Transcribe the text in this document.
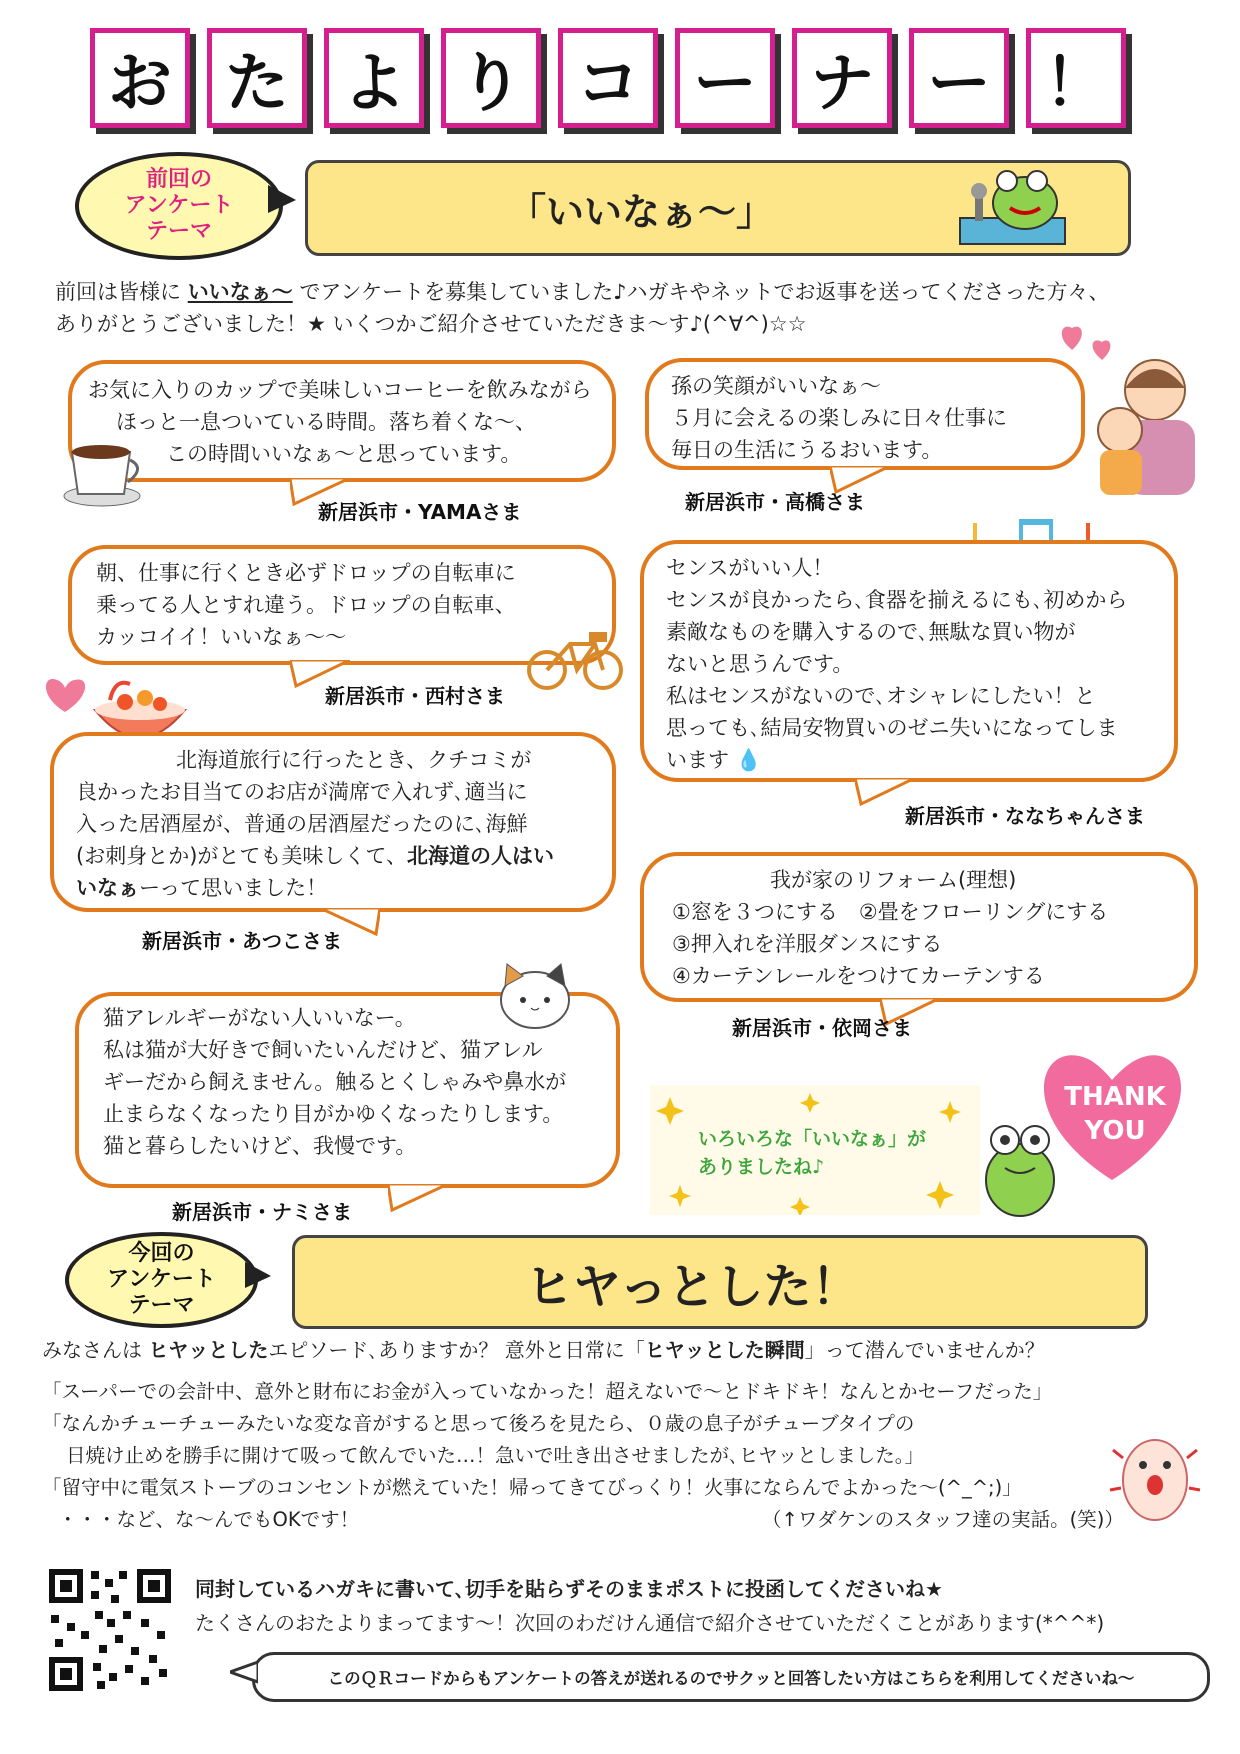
お た よ り コ ー ナ ー ！
前回の
アンケート
テーマ	「いいなぁ～」
前回は皆様に いいなぁ～ でアンケートを募集していました♪ハガキやネットでお返事を送ってくださった方々、
ありがとうございました！★ いくつかご紹介させていただきま～す♪(^∀^)☆☆
お気に入りのカップで美味しいコーヒーを飲みながら
ほっと一息ついている時間。落ち着くな～、
この時間いいなぁ～と思っています。
新居浜市・YAMAさま
孫の笑顔がいいなぁ～
５月に会えるの楽しみに日々仕事に
毎日の生活にうるおいます。
新居浜市・高橋さま
朝、仕事に行くとき必ずドロップの自転車に
乗ってる人とすれ違う。ドロップの自転車、
カッコイイ！いいなぁ～～
新居浜市・西村さま
センスがいい人！
センスが良かったら､食器を揃えるにも､初めから
素敵なものを購入するので､無駄な買い物が
ないと思うんです。
私はセンスがないので､オシャレにしたい！と
思っても､結局安物買いのゼニ失いになってしま
います 💧
新居浜市・ななちゃんさま
北海道旅行に行ったとき、クチコミが
良かったお目当てのお店が満席で入れず､適当に
入った居酒屋が、普通の居酒屋だったのに､海鮮
(お刺身とか)がとても美味しくて、北海道の人はい
いなぁーって思いました！
新居浜市・あつこさま
我が家のリフォーム(理想)
①窓を３つにする　②畳をフローリングにする
③押入れを洋服ダンスにする
④カーテンレールをつけてカーテンする
新居浜市・依岡さま
猫アレルギーがない人いいなー。
私は猫が大好きで飼いたいんだけど、猫アレル
ギーだから飼えません。触るとくしゃみや鼻水が
止まらなくなったり目がかゆくなったりします。
猫と暮らしたいけど、我慢です。
新居浜市・ナミさま
いろいろな「いいなぁ」が
ありましたね♪
THANK
YOU
今回の
アンケート
テーマ	ヒヤっとした！
みなさんは ヒヤッとしたエピソード､ありますか？ 意外と日常に「ヒヤッとした瞬間」って潜んでいませんか？
「スーパーでの会計中、意外と財布にお金が入っていなかった！超えないで～とドキドキ！なんとかセーフだった」
「なんかチューチューみたいな変な音がすると思って後ろを見たら、０歳の息子がチューブタイプの
日焼け止めを勝手に開けて吸って飲んでいた…！急いで吐き出させましたが､ヒヤッとしました。」
「留守中に電気ストーブのコンセントが燃えていた！帰ってきてびっくり！火事にならんでよかった～(^_^;)」
・・・など、な～んでもOKです！	（↑ワダケンのスタッフ達の実話。(笑)）
同封しているハガキに書いて､切手を貼らずそのままポストに投函してくださいね★
たくさんのおたよりまってます～！次回のわだけん通信で紹介させていただくことがあります(*^^*)
このＱＲコードからもアンケートの答えが送れるのでサクッと回答したい方はこちらを利用してくださいね～
